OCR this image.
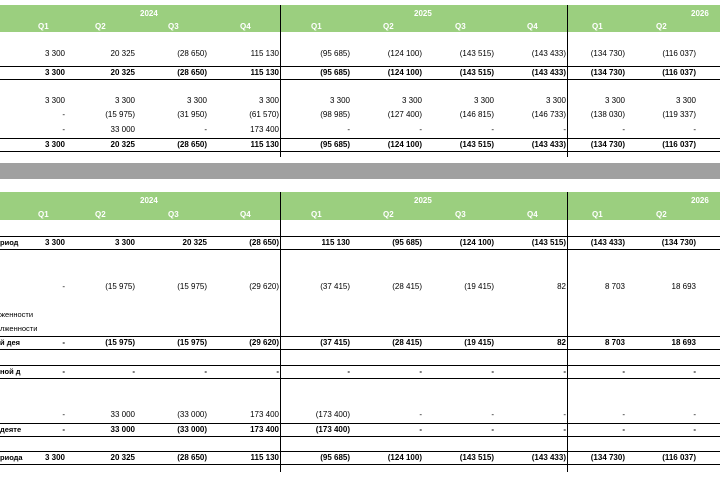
2024	2025	2026
Q1	Q2	Q3	Q4	Q1	Q2	Q3	Q4	Q1	Q2
3 300	20 325	(28 650)	115 130	(95 685)	(124 100)	(143 515)	(143 433)	(134 730)	(116 037)
3 300	20 325	(28 650)	115 130	(95 685)	(124 100)	(143 515)	(143 433)	(134 730)	(116 037)
3 300	3 300	3 300	3 300	3 300	3 300	3 300	3 300	3 300	3 300
-	(15 975)	(31 950)	(61 570)	(98 985)	(127 400)	(146 815)	(146 733)	(138 030)	(119 337)
-	33 000	-	173 400	-	-	-	-	-	-
3 300	20 325	(28 650)	115 130	(95 685)	(124 100)	(143 515)	(143 433)	(134 730)	(116 037)
2024	2025	2026
Q1	Q2	Q3	Q4	Q1	Q2	Q3	Q4	Q1	Q2
риод	3 300	3 300	20 325	(28 650)	115 130	(95 685)	(124 100)	(143 515)	(143 433)	(134 730)
-	(15 975)	(15 975)	(29 620)	(37 415)	(28 415)	(19 415)	82	8 703	18 693
женности
лженности
й дея	-	(15 975)	(15 975)	(29 620)	(37 415)	(28 415)	(19 415)	82	8 703	18 693
ной д	-	-	-	-	-	-	-	-	-	-
-	33 000	(33 000)	173 400	(173 400)	-	-	-	-	-
деяте	-	33 000	(33 000)	173 400	(173 400)	-	-	-	-	-
риода	3 300	20 325	(28 650)	115 130	(95 685)	(124 100)	(143 515)	(143 433)	(134 730)	(116 037)
